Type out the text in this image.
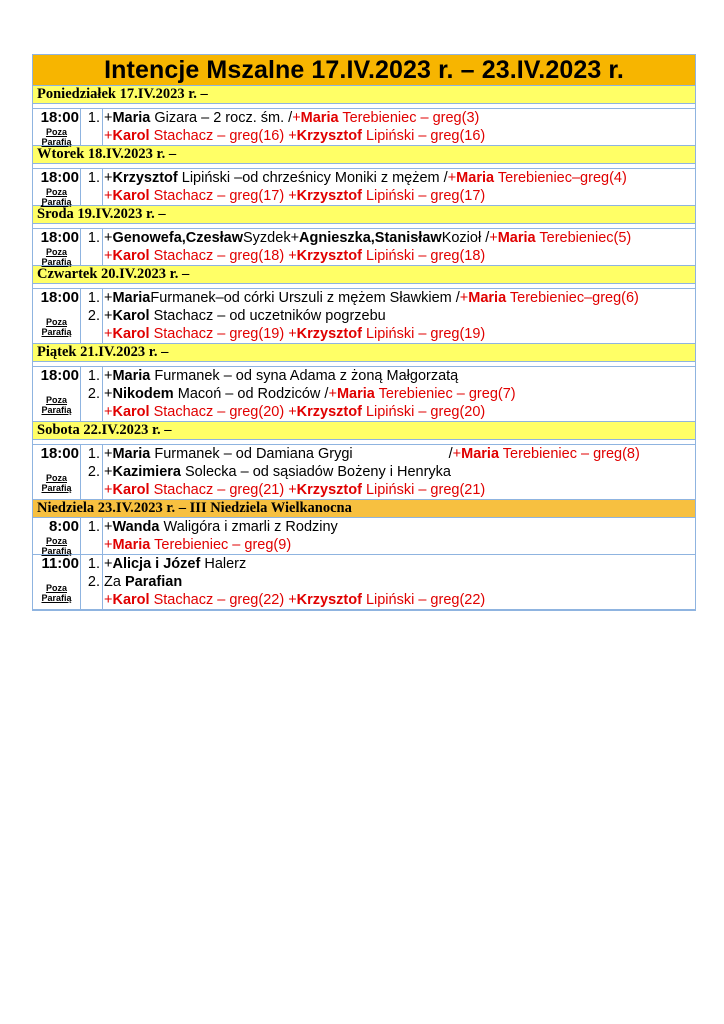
Intencje Mszalne 17.IV.2023 r. – 23.IV.2023 r.
Poniedziałek 17.IV.2023 r. –
18:00
Poza
Parafią
1. +Maria Gizara – 2 rocz. śm. /+Maria Terebieniec – greg(3)
+Karol Stachacz – greg(16) +Krzysztof Lipiński – greg(16)
Wtorek 18.IV.2023 r. –
18:00
Poza
Parafią
1. +Krzysztof Lipiński –od chrześnicy Moniki z mężem /+Maria Terebieniec–greg(4)
+Karol Stachacz – greg(17) +Krzysztof Lipiński – greg(17)
Środa 19.IV.2023 r. –
18:00
Poza
Parafią
1. +Genowefa,CzesławSyzdek+Agnieszka,StanisławKozioł /+Maria Terebieniec(5)
+Karol Stachacz – greg(18) +Krzysztof Lipiński – greg(18)
Czwartek 20.IV.2023 r. –
18:00
Poza
Parafią
1.
2.
+MariaFurmanek–od córki Urszuli z mężem Sławkiem /+Maria Terebieniec–greg(6)
+Karol Stachacz – od uczetników pogrzebu
+Karol Stachacz – greg(19) +Krzysztof Lipiński – greg(19)
Piątek 21.IV.2023 r. –
18:00
Poza
Parafią
1.
2.
+Maria Furmanek – od syna Adama z żoną Małgorzatą
+Nikodem Macoń – od Rodziców /+Maria Terebieniec – greg(7)
+Karol Stachacz – greg(20) +Krzysztof Lipiński – greg(20)
Sobota 22.IV.2023 r. –
18:00
Poza
Parafią
1.
2.
+Maria Furmanek – od Damiana Grygi	/+Maria Terebieniec – greg(8)
+Kazimiera Solecka – od sąsiadów Bożeny i Henryka
+Karol Stachacz – greg(21) +Krzysztof Lipiński – greg(21)
Niedziela 23.IV.2023 r. – III Niedziela Wielkanocna
8:00
Poza
Parafią
1. +Wanda Waligóra i zmarli z Rodziny
+Maria Terebieniec – greg(9)
11:00
Poza
Parafią
1.
2.
+Alicja i Józef Halerz
Za Parafian
+Karol Stachacz – greg(22) +Krzysztof Lipiński – greg(22)
